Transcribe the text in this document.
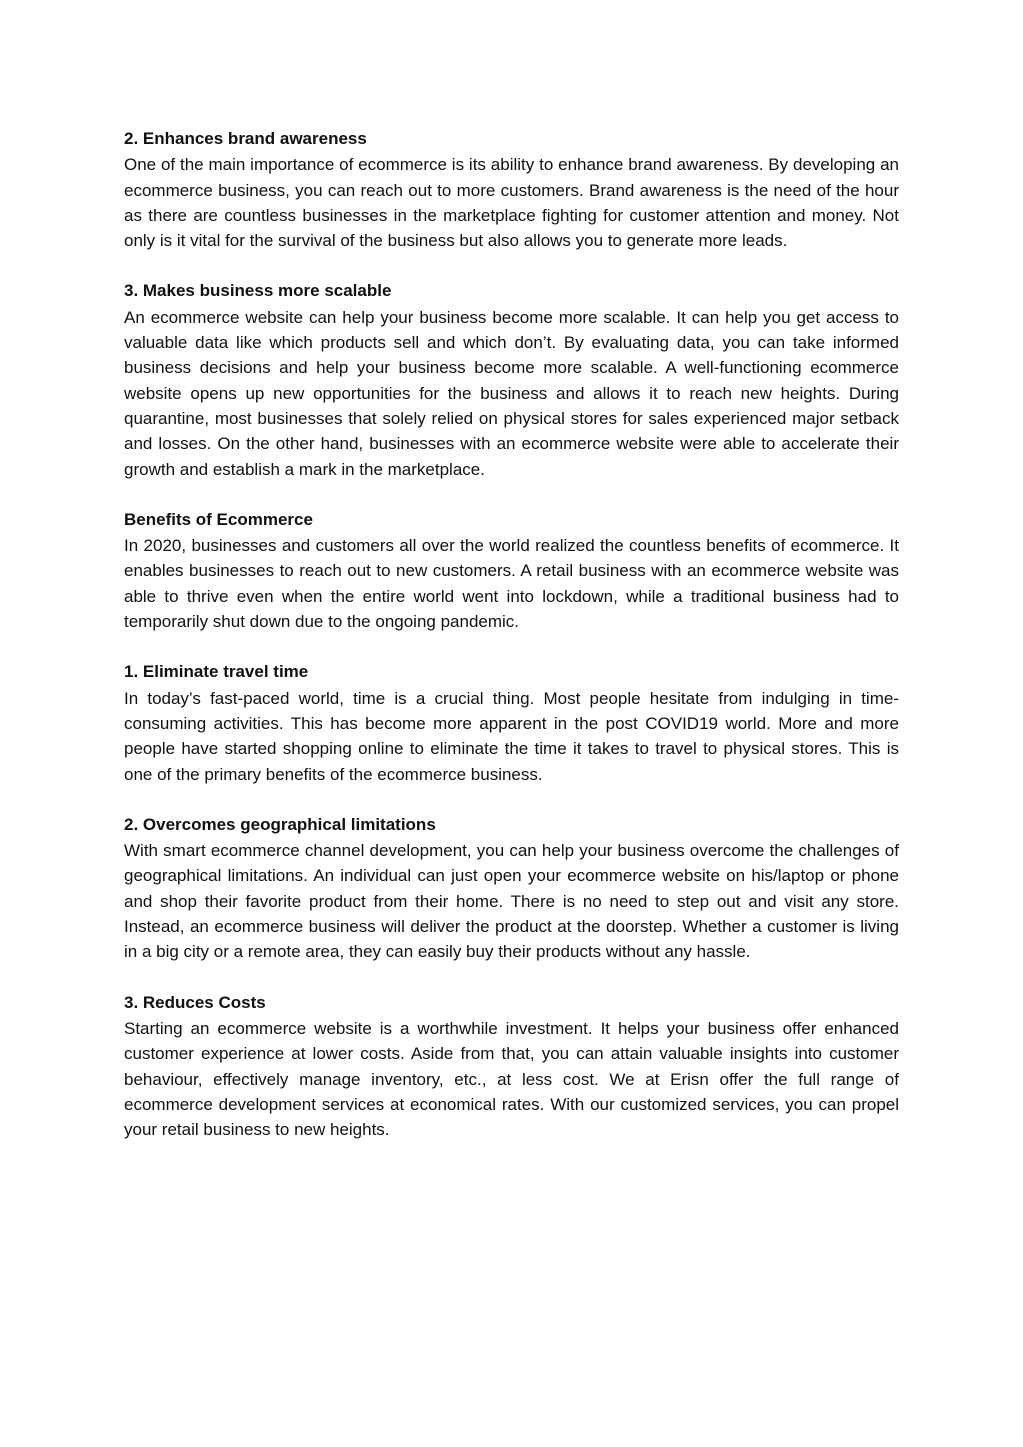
2. Enhances brand awareness

One of the main importance of ecommerce is its ability to enhance brand awareness. By developing an ecommerce business, you can reach out to more customers. Brand awareness is the need of the hour as there are countless businesses in the marketplace fighting for customer attention and money. Not only is it vital for the survival of the business but also allows you to generate more leads.

3. Makes business more scalable

An ecommerce website can help your business become more scalable. It can help you get access to valuable data like which products sell and which don’t. By evaluating data, you can take informed business decisions and help your business become more scalable. A well-functioning ecommerce website opens up new opportunities for the business and allows it to reach new heights. During quarantine, most businesses that solely relied on physical stores for sales experienced major setback and losses. On the other hand, businesses with an ecommerce website were able to accelerate their growth and establish a mark in the marketplace.

Benefits of Ecommerce

In 2020, businesses and customers all over the world realized the countless benefits of ecommerce. It enables businesses to reach out to new customers. A retail business with an ecommerce website was able to thrive even when the entire world went into lockdown, while a traditional business had to temporarily shut down due to the ongoing pandemic.

1. Eliminate travel time

In today’s fast-paced world, time is a crucial thing. Most people hesitate from indulging in time-consuming activities. This has become more apparent in the post COVID19 world. More and more people have started shopping online to eliminate the time it takes to travel to physical stores. This is one of the primary benefits of the ecommerce business.

2. Overcomes geographical limitations

With smart ecommerce channel development, you can help your business overcome the challenges of geographical limitations. An individual can just open your ecommerce website on his/laptop or phone and shop their favorite product from their home. There is no need to step out and visit any store. Instead, an ecommerce business will deliver the product at the doorstep. Whether a customer is living in a big city or a remote area, they can easily buy their products without any hassle.

3. Reduces Costs

Starting an ecommerce website is a worthwhile investment. It helps your business offer enhanced customer experience at lower costs. Aside from that, you can attain valuable insights into customer behaviour, effectively manage inventory, etc., at less cost. We at Erisn offer the full range of ecommerce development services at economical rates. With our customized services, you can propel your retail business to new heights.
